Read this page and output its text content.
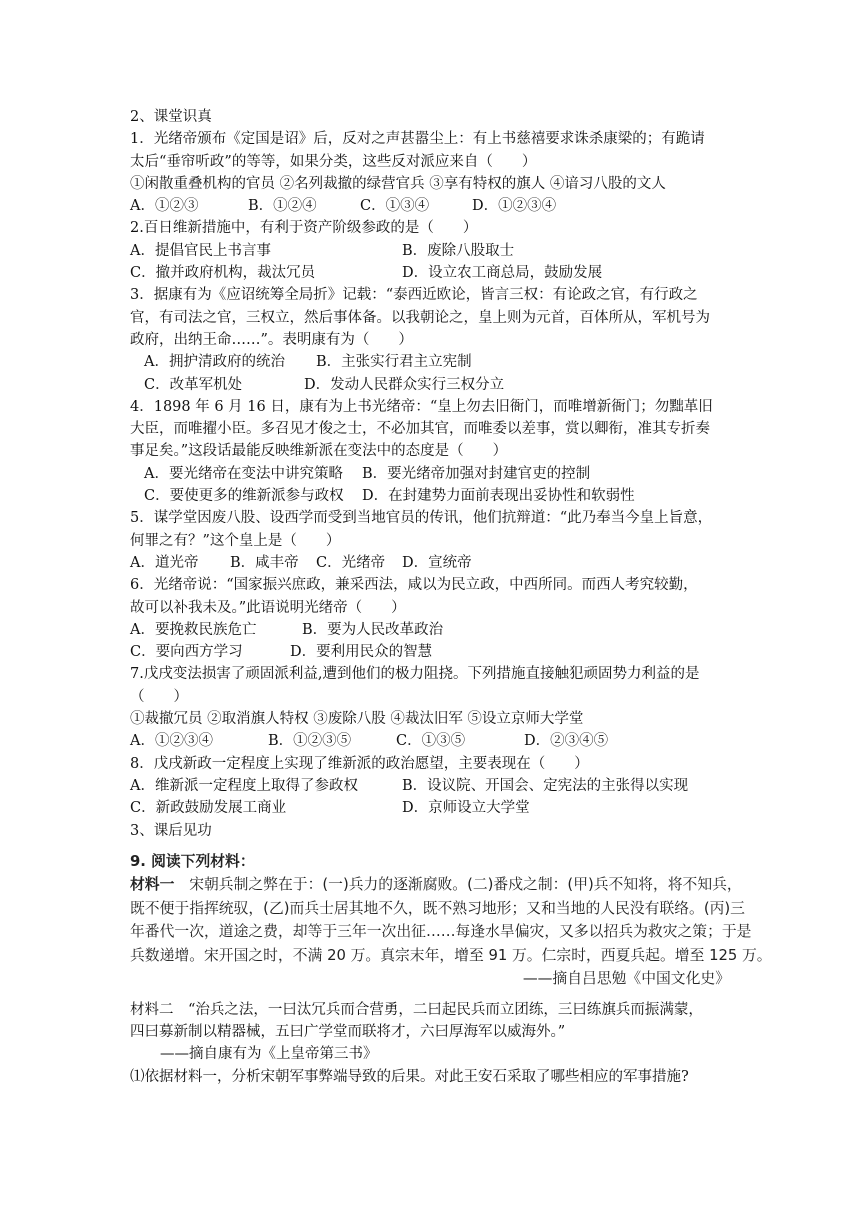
2、课堂识真
1．光绪帝颁布《定国是诏》后，反对之声甚嚣尘上：有上书慈禧要求诛杀康梁的；有跪请
太后“垂帘听政”的等等，如果分类，这些反对派应来自（　　）
①闲散重叠机构的官员 ②名列裁撤的绿营官兵 ③享有特权的旗人 ④谙习八股的文人
A．①②③	B．①②④	C．①③④	D．①②③④
2.百日维新措施中，有利于资产阶级参政的是（　　）
A．提倡官民上书言事	B．废除八股取士
C．撤并政府机构，裁汰冗员	D．设立农工商总局，鼓励发展
3．据康有为《应诏统筹全局折》记载：“泰西近欧论，皆言三权：有论政之官，有行政之
官，有司法之官，三权立，然后事体备。以我朝论之，皇上则为元首，百体所从，军机号为
政府，出纳王命……”。表明康有为（　　）
A．拥护清政府的统治	B．主张实行君主立宪制
C．改革军机处	D．发动人民群众实行三权分立
4．1898 年 6 月 16 日，康有为上书光绪帝：“皇上勿去旧衙门，而唯增新衙门；勿黜革旧
大臣，而唯擢小臣。多召见才俊之士，不必加其官，而唯委以差事，赏以卿衔，准其专折奏
事足矣。”这段话最能反映维新派在变法中的态度是（　　）
A．要光绪帝在变法中讲究策略	B．要光绪帝加强对封建官吏的控制
C．要使更多的维新派参与政权	D．在封建势力面前表现出妥协性和软弱性
5．谋学堂因废八股、设西学而受到当地官员的传讯，他们抗辩道：“此乃奉当今皇上旨意，
何罪之有？”这个皇上是（　　）
A．道光帝	B．咸丰帝	C．光绪帝	D．宣统帝
6．光绪帝说：“国家振兴庶政，兼采西法，咸以为民立政，中西所同。而西人考究较勤，
故可以补我未及。”此语说明光绪帝（　　）
A．要挽救民族危亡	B．要为人民改革政治
C．要向西方学习	D．要利用民众的智慧
7.戊戌变法损害了顽固派利益,遭到他们的极力阻挠。下列措施直接触犯顽固势力利益的是
（　　）
①裁撤冗员 ②取消旗人特权 ③废除八股 ④裁汰旧军 ⑤设立京师大学堂
A．①②③④	B．①②③⑤	C．①③⑤	D．②③④⑤
8．戊戌新政一定程度上实现了维新派的政治愿望，主要表现在（　　）
A．维新派一定程度上取得了参政权	B．设议院、开国会、定宪法的主张得以实现
C．新政鼓励发展工商业	D．京师设立大学堂
3、课后见功
9. 阅读下列材料：
材料一　宋朝兵制之弊在于：(一)兵力的逐渐腐败。(二)番戍之制：(甲)兵不知将，将不知兵，
既不便于指挥统驭，(乙)而兵士居其地不久，既不熟习地形；又和当地的人民没有联络。(丙)三
年番代一次，道途之费，却等于三年一次出征……每逢水旱偏灾，又多以招兵为救灾之策；于是
兵数递增。宋开国之时，不满 20 万。真宗末年，增至 91 万。仁宗时，西夏兵起。增至 125 万。
——摘自吕思勉《中国文化史》
材料二　“治兵之法，一曰汰冗兵而合营勇，二曰起民兵而立团练，三曰练旗兵而振满蒙，
四曰募新制以精器械，五曰广学堂而联将才，六曰厚海军以威海外。”
——摘自康有为《上皇帝第三书》
⑴依据材料一，分析宋朝军事弊端导致的后果。对此王安石采取了哪些相应的军事措施?
